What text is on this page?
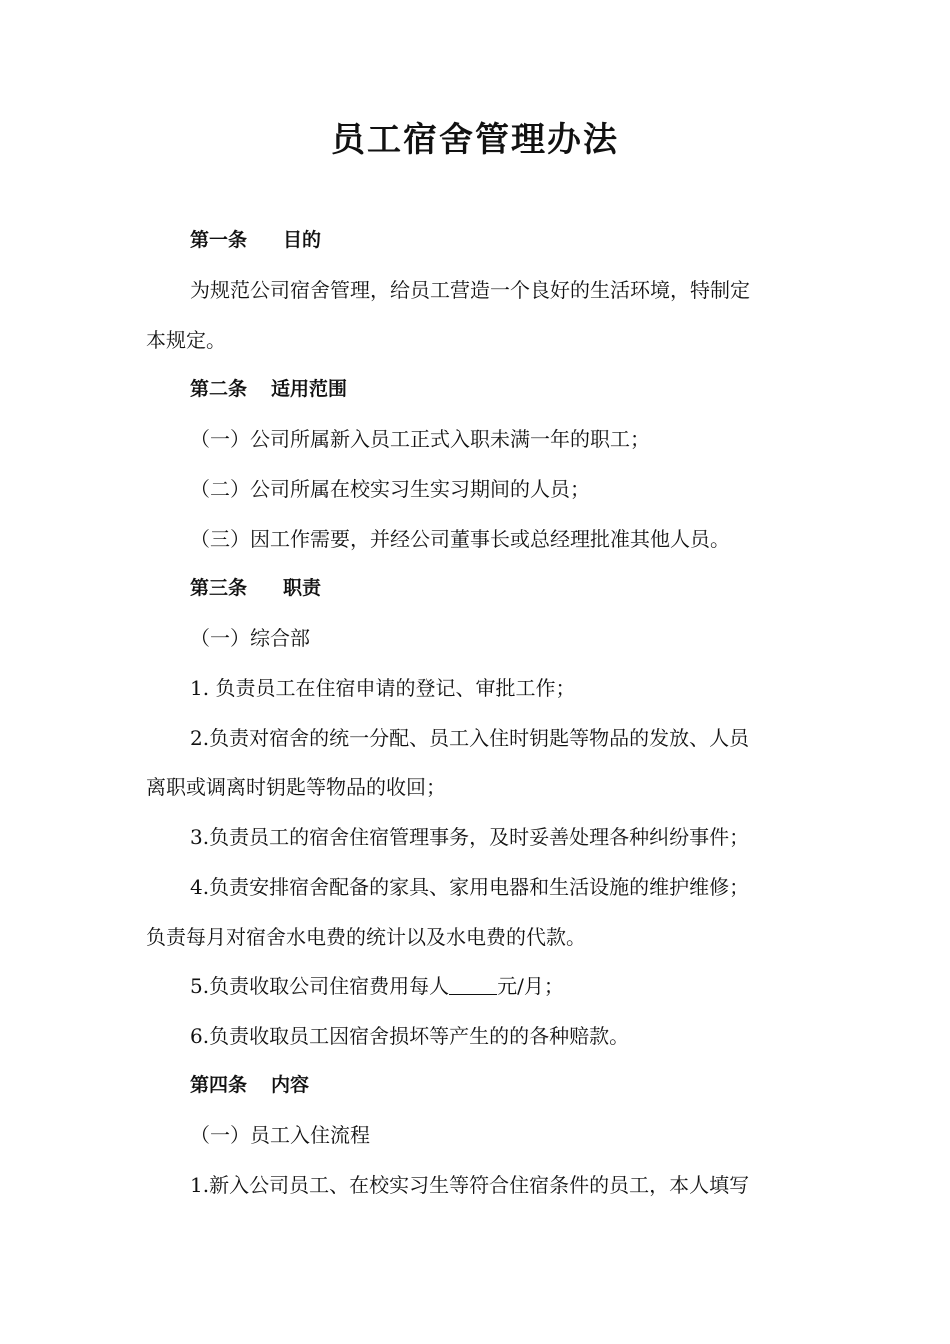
员工宿舍管理办法
第一条 目的
为规范公司宿舍管理，给员工营造一个良好的生活环境，特制定
本规定。
第二条 适用范围
（一）公司所属新入员工正式入职未满一年的职工；
（二）公司所属在校实习生实习期间的人员；
（三）因工作需要，并经公司董事长或总经理批准其他人员。
第三条 职责
（一）综合部
1. 负责员工在住宿申请的登记、审批工作；
2.负责对宿舍的统一分配、员工入住时钥匙等物品的发放、人员
离职或调离时钥匙等物品的收回；
3.负责员工的宿舍住宿管理事务，及时妥善处理各种纠纷事件；
4.负责安排宿舍配备的家具、家用电器和生活设施的维护维修；
负责每月对宿舍水电费的统计以及水电费的代款。
5.负责收取公司住宿费用每人 元/月；
6.负责收取员工因宿舍损坏等产生的的各种赔款。
第四条 内容
（一）员工入住流程
1.新入公司员工、在校实习生等符合住宿条件的员工，本人填写
